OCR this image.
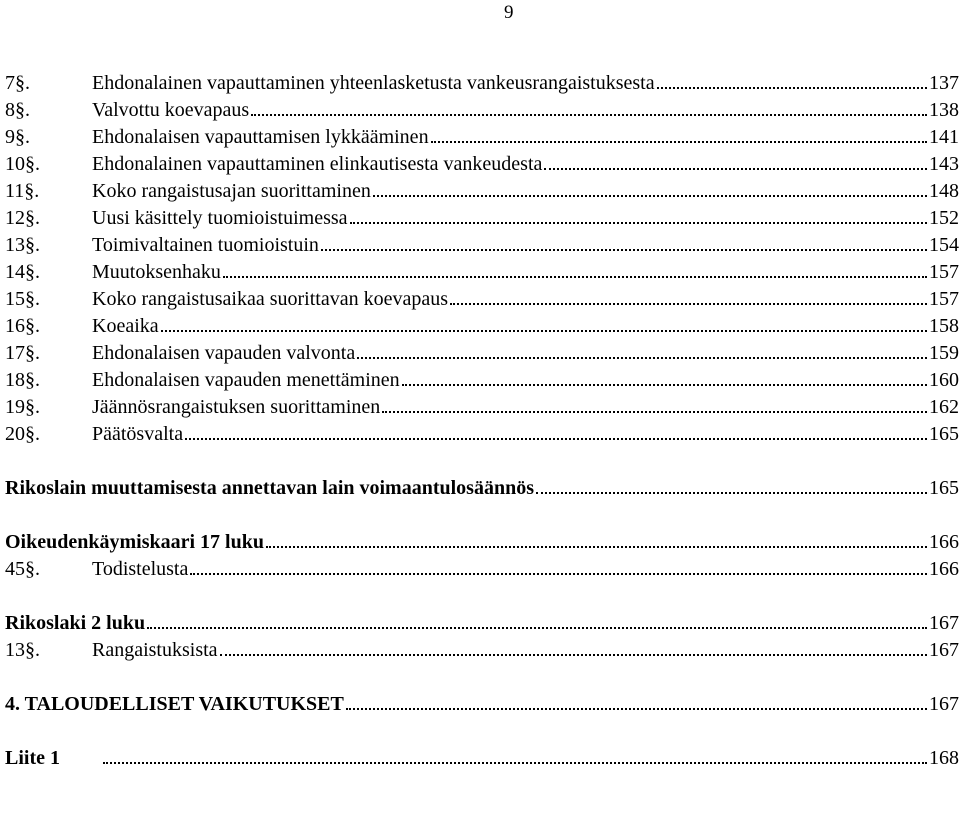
9
7§.	Ehdonalainen vapauttaminen yhteenlasketusta vankeusrangaistuksesta	137
8§.	Valvottu koevapaus	138
9§.	Ehdonalaisen vapauttamisen lykkääminen	141
10§.	Ehdonalainen vapauttaminen elinkautisesta vankeudesta	143
11§.	Koko rangaistusajan suorittaminen	148
12§.	Uusi käsittely tuomioistuimessa	152
13§.	Toimivaltainen tuomioistuin	154
14§.	Muutoksenhaku	157
15§.	Koko rangaistusaikaa suorittavan koevapaus	157
16§.	Koeaika	158
17§.	Ehdonalaisen vapauden valvonta	159
18§.	Ehdonalaisen vapauden menettäminen	160
19§.	Jäännösrangaistuksen suorittaminen	162
20§.	Päätösvalta	165
Rikoslain muuttamisesta annettavan lain voimaantulosäännös	165
Oikeudenkäymiskaari 17 luku	166
45§.	Todistelusta	166
Rikoslaki 2 luku	167
13§.	Rangaistuksista	167
4. TALOUDELLISET VAIKUTUKSET	167
Liite 1	168
